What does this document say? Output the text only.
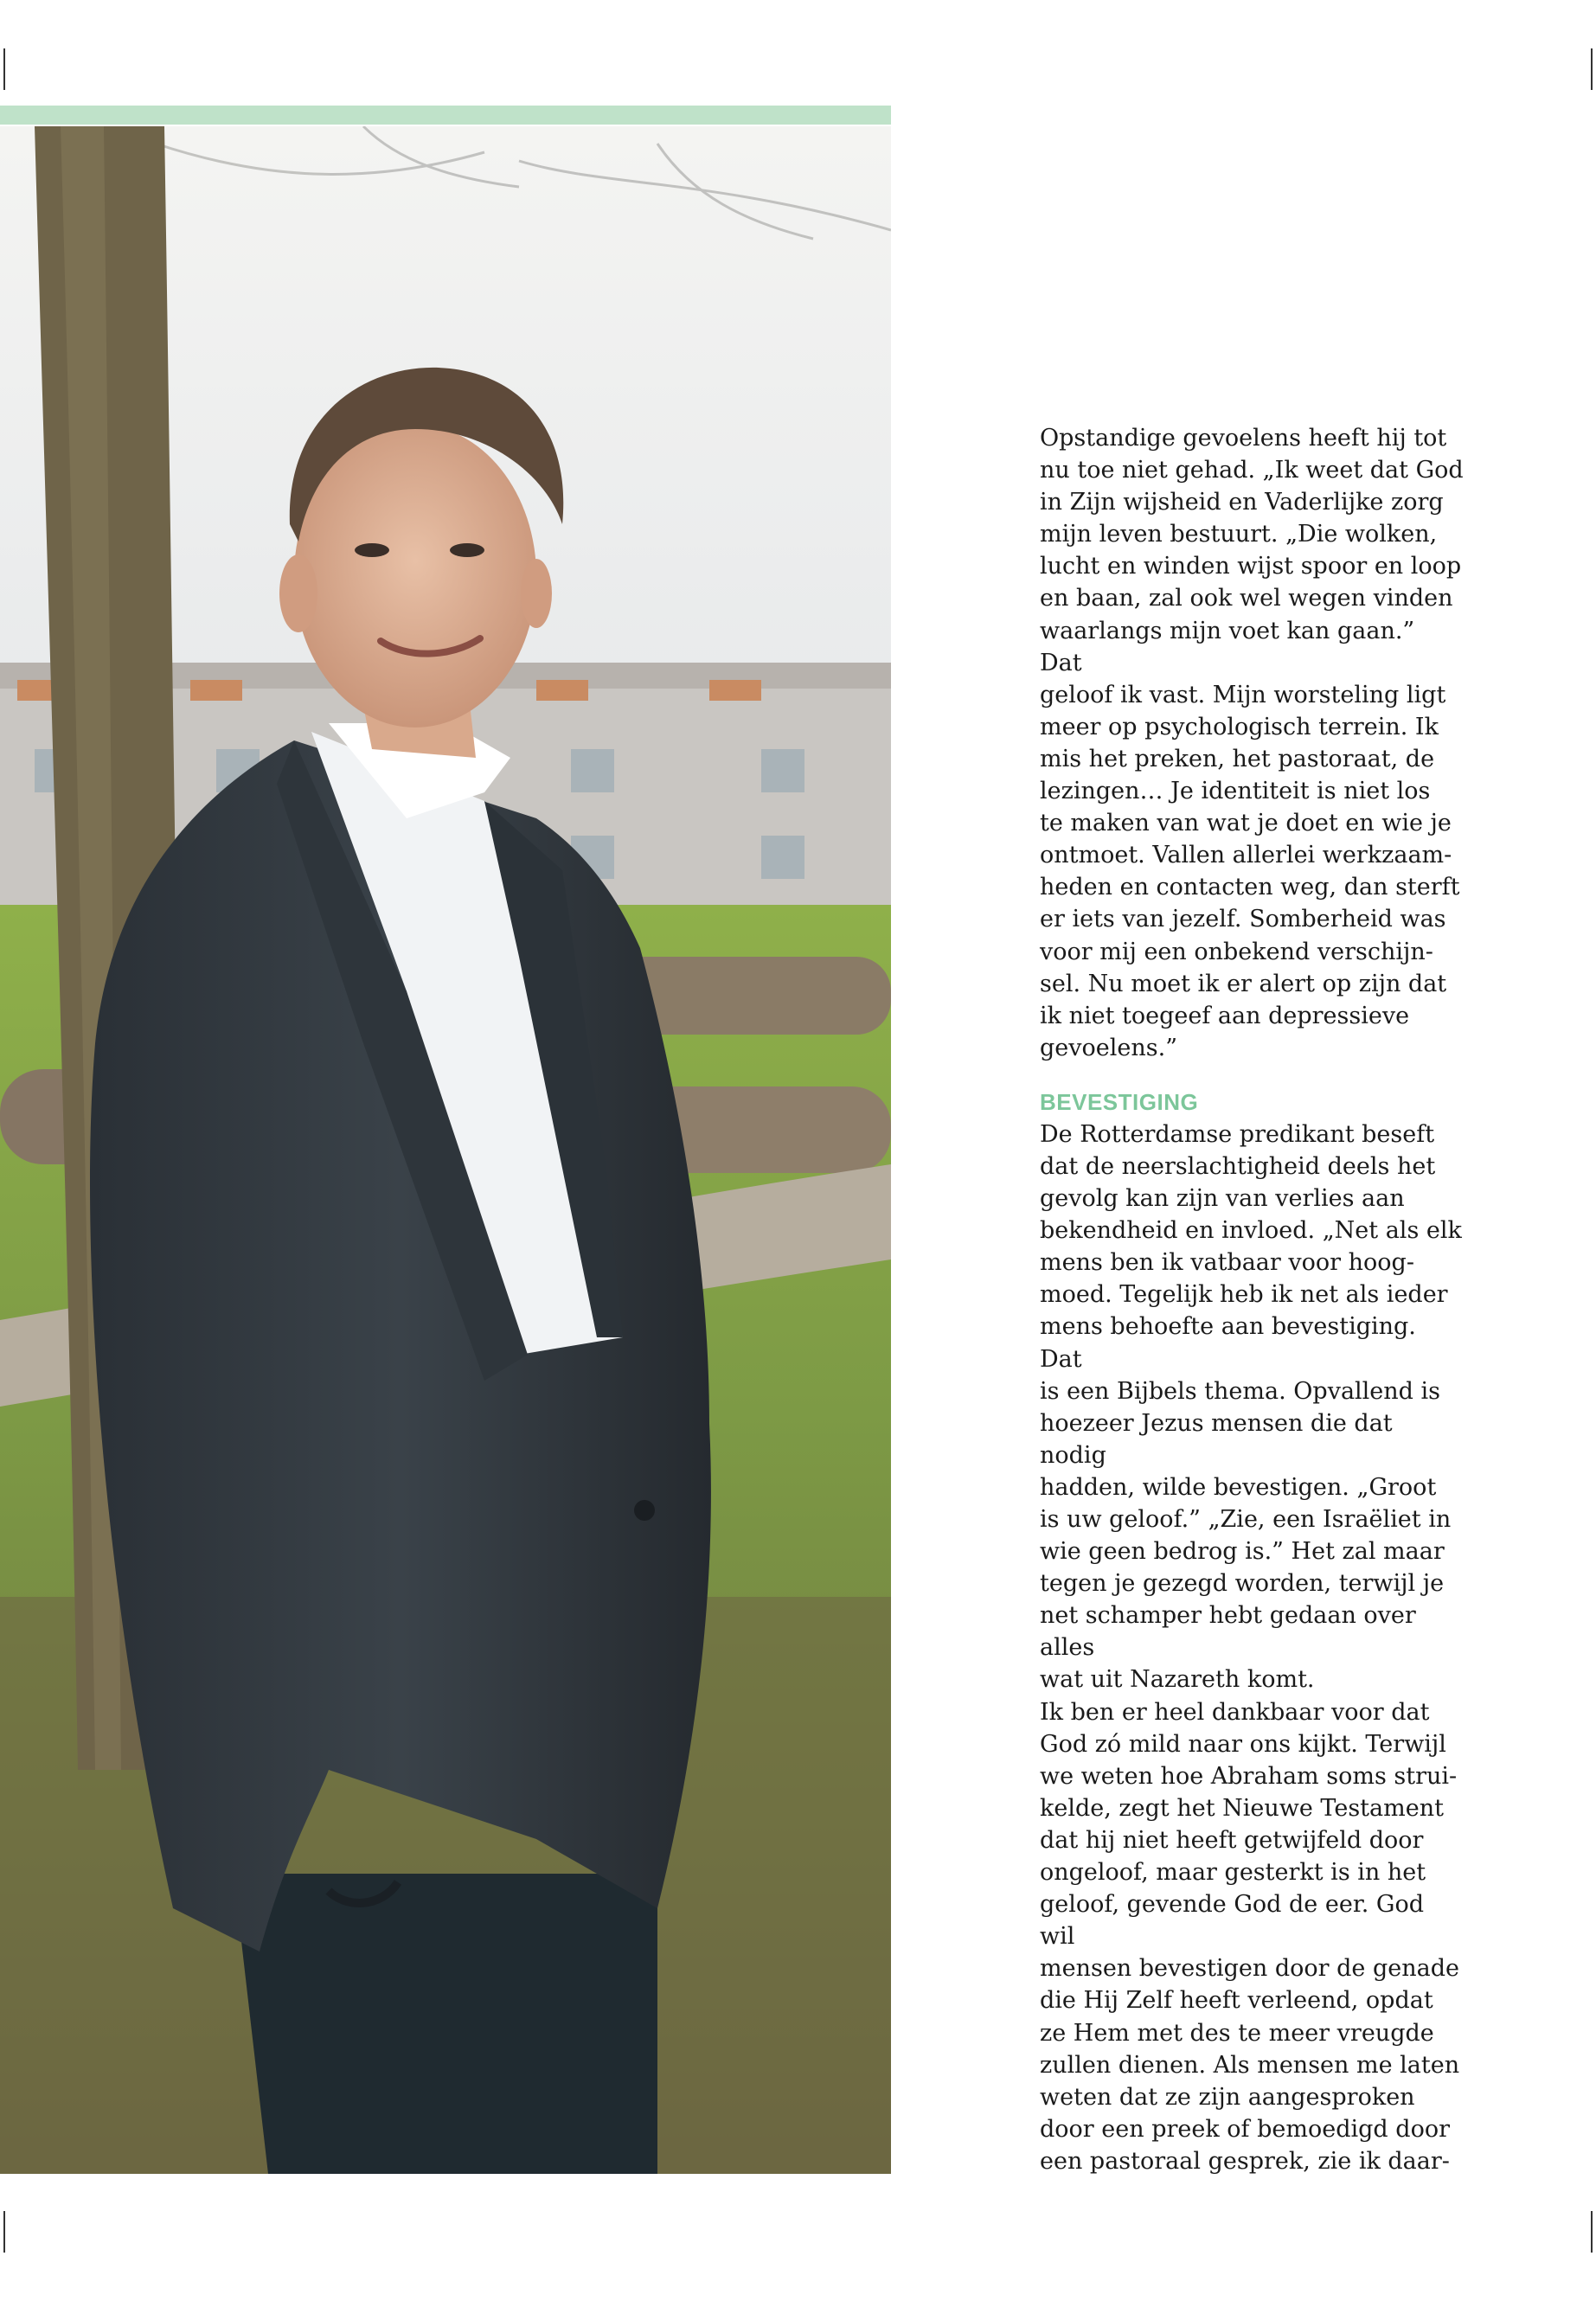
Opstandige gevoelens heeft hij tot
nu toe niet gehad. „Ik weet dat God
in Zijn wijsheid en Vaderlijke zorg
mijn leven bestuurt. „Die wolken,
lucht en winden wijst spoor en loop
en baan, zal ook wel wegen vinden
waarlangs mijn voet kan gaan.” Dat
geloof ik vast. Mijn worsteling ligt
meer op psychologisch terrein. Ik
mis het preken, het pastoraat, de
lezingen… Je identiteit is niet los
te maken van wat je doet en wie je
ontmoet. Vallen allerlei werkzaam-
heden en contacten weg, dan sterft
er iets van jezelf. Somberheid was
voor mij een onbekend verschijn-
sel. Nu moet ik er alert op zijn dat
ik niet toegeef aan depressieve
gevoelens.”

BEVESTIGING

De Rotterdamse predikant beseft
dat de neerslachtigheid deels het
gevolg kan zijn van verlies aan
bekendheid en invloed. „Net als elk
mens ben ik vatbaar voor hoog-
moed. Tegelijk heb ik net als ieder
mens behoefte aan bevestiging. Dat
is een Bijbels thema. Opvallend is
hoezeer Jezus mensen die dat nodig
hadden, wilde bevestigen. „Groot
is uw geloof.” „Zie, een Israëliet in
wie geen bedrog is.” Het zal maar
tegen je gezegd worden, terwijl je
net schamper hebt gedaan over alles
wat uit Nazareth komt.

Ik ben er heel dankbaar voor dat
God zó mild naar ons kijkt. Terwijl
we weten hoe Abraham soms strui-
kelde, zegt het Nieuwe Testament
dat hij niet heeft getwijfeld door
ongeloof, maar gesterkt is in het
geloof, gevende God de eer. God wil
mensen bevestigen door de genade
die Hij Zelf heeft verleend, opdat
ze Hem met des te meer vreugde
zullen dienen. Als mensen me laten
weten dat ze zijn aangesproken
door een preek of bemoedigd door
een pastoraal gesprek, zie ik daar-
